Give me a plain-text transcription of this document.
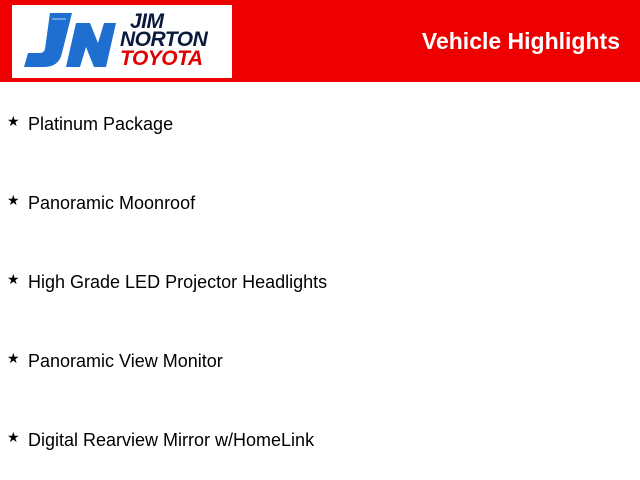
JIM
NORTON
TOYOTA
Vehicle Highlights
★ Platinum Package
★ Panoramic Moonroof
★ High Grade LED Projector Headlights
★ Panoramic View Monitor
★ Digital Rearview Mirror w/HomeLink
